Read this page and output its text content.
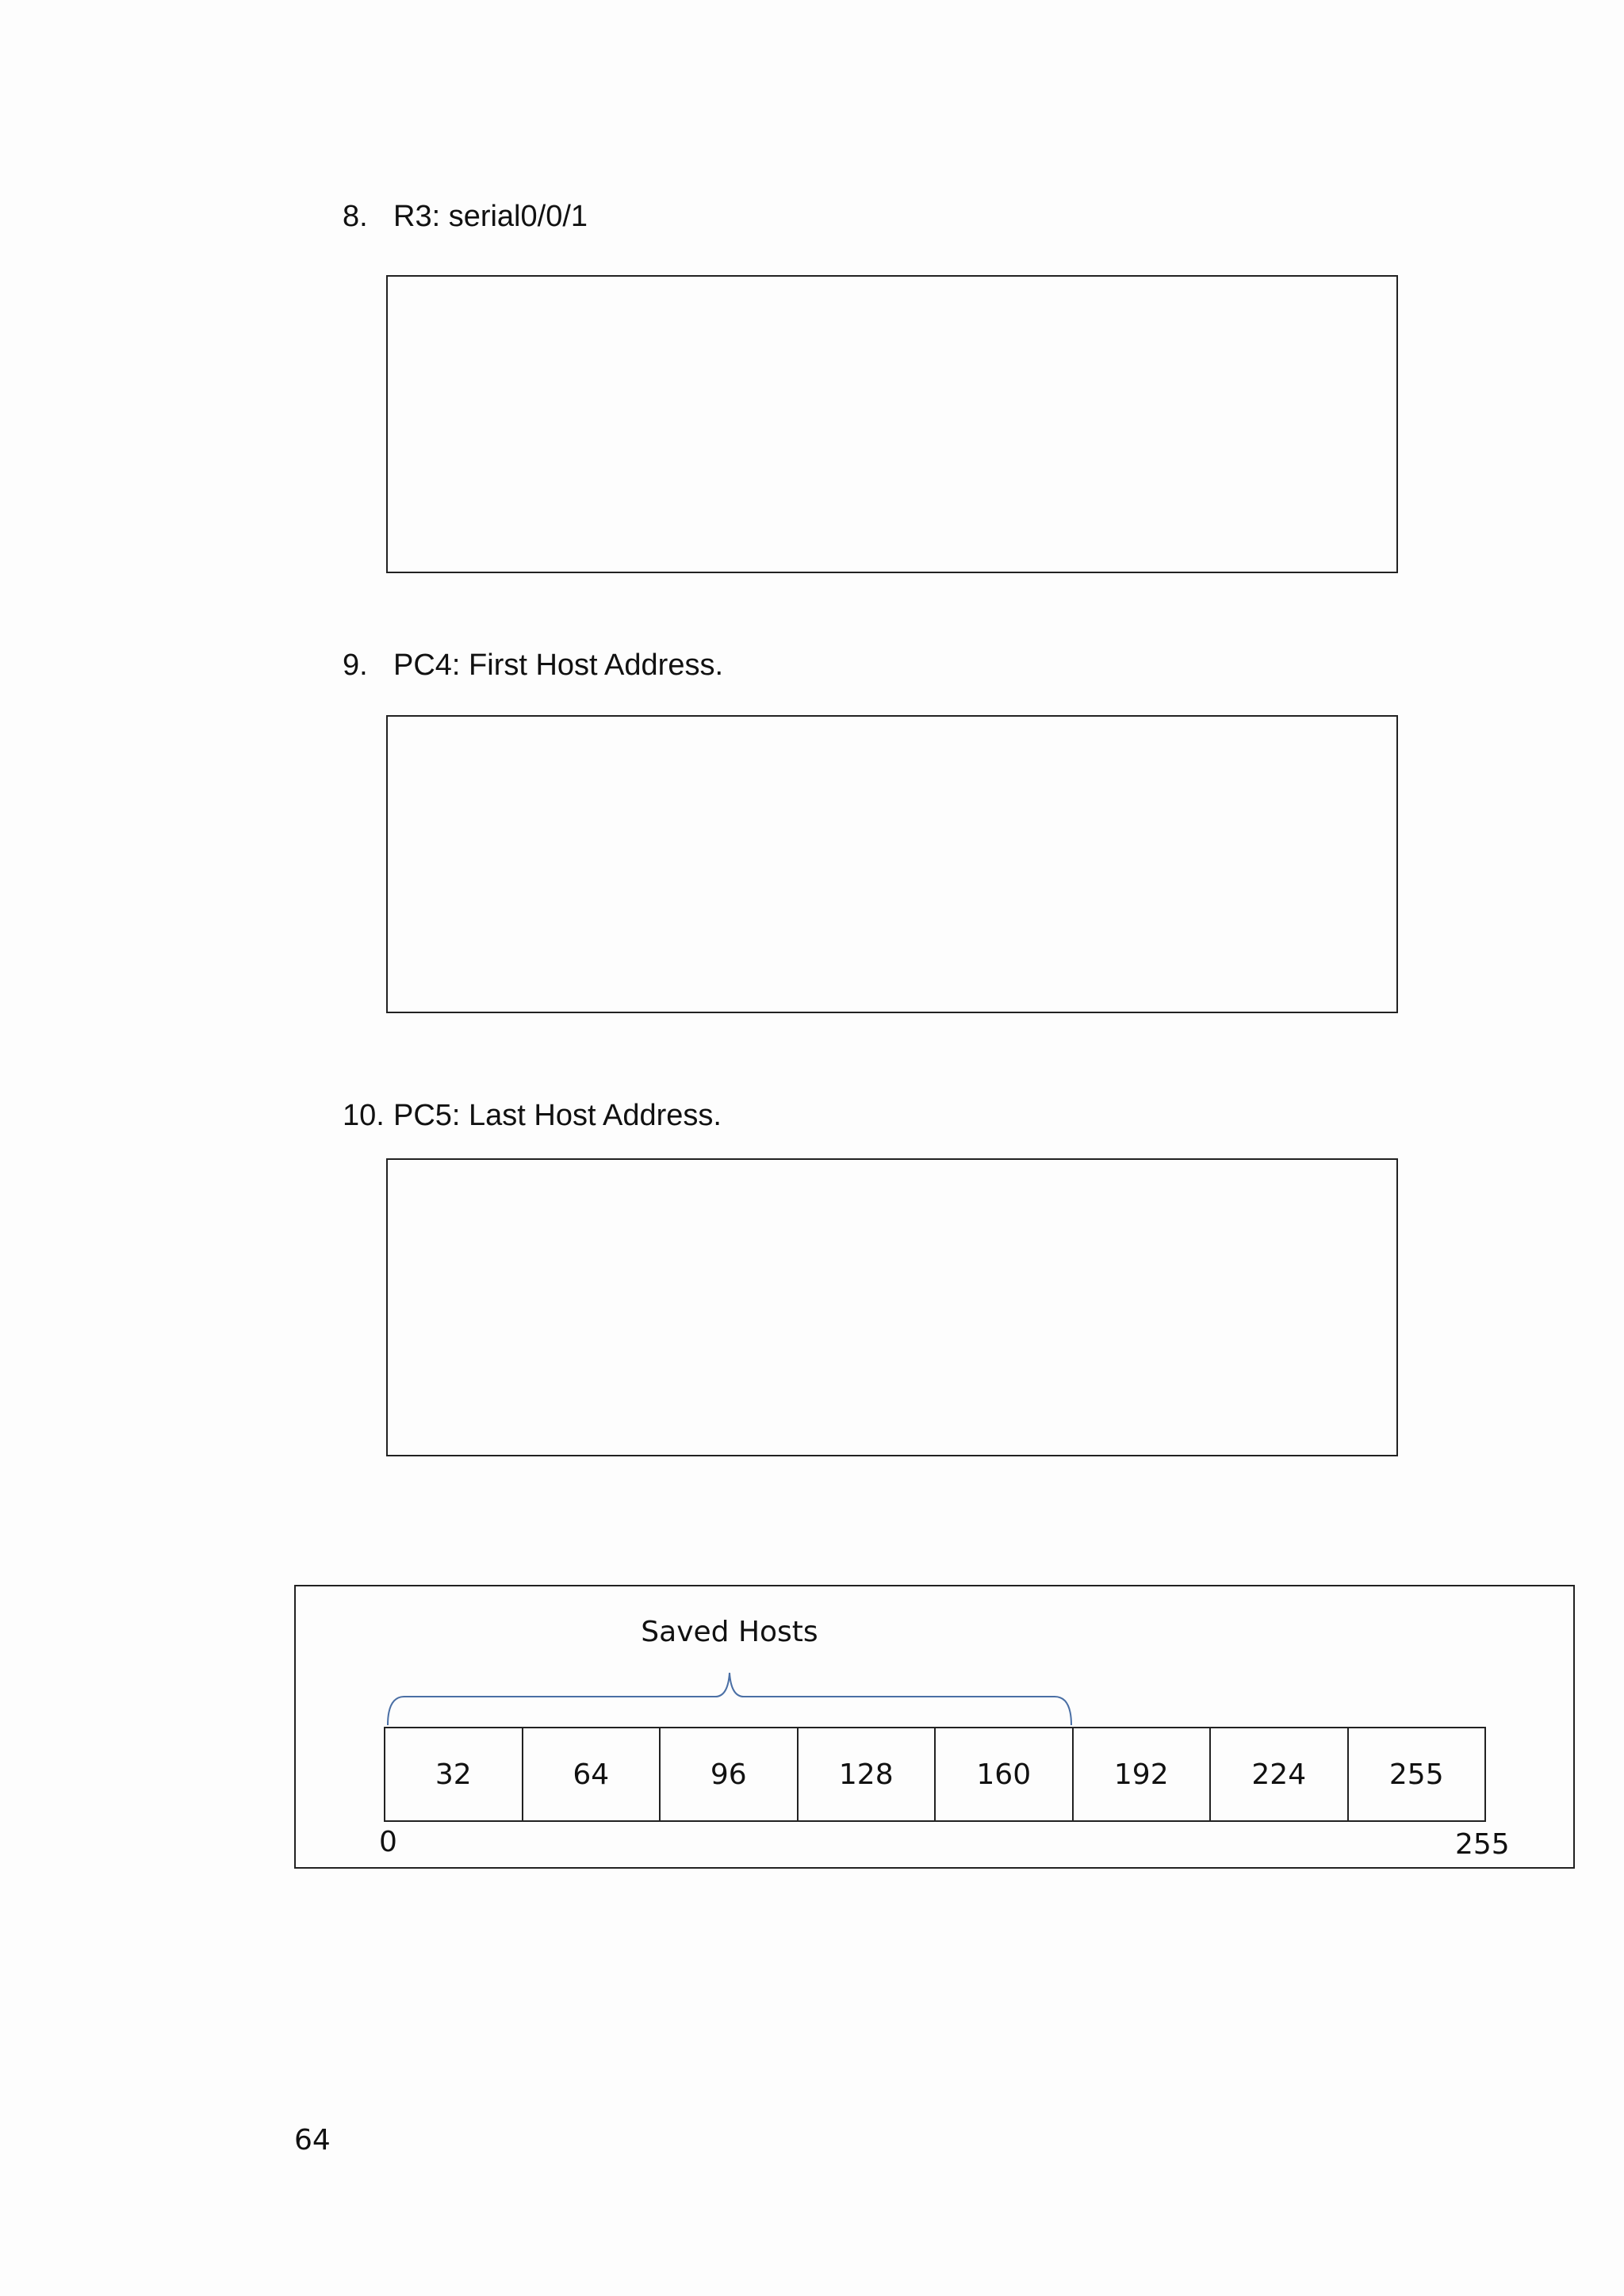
8. R3: serial0/0/1
9. PC4: First Host Address.
10. PC5: Last Host Address.
Saved Hosts
32	64	96	128	160	192	224	255
0	255
64
